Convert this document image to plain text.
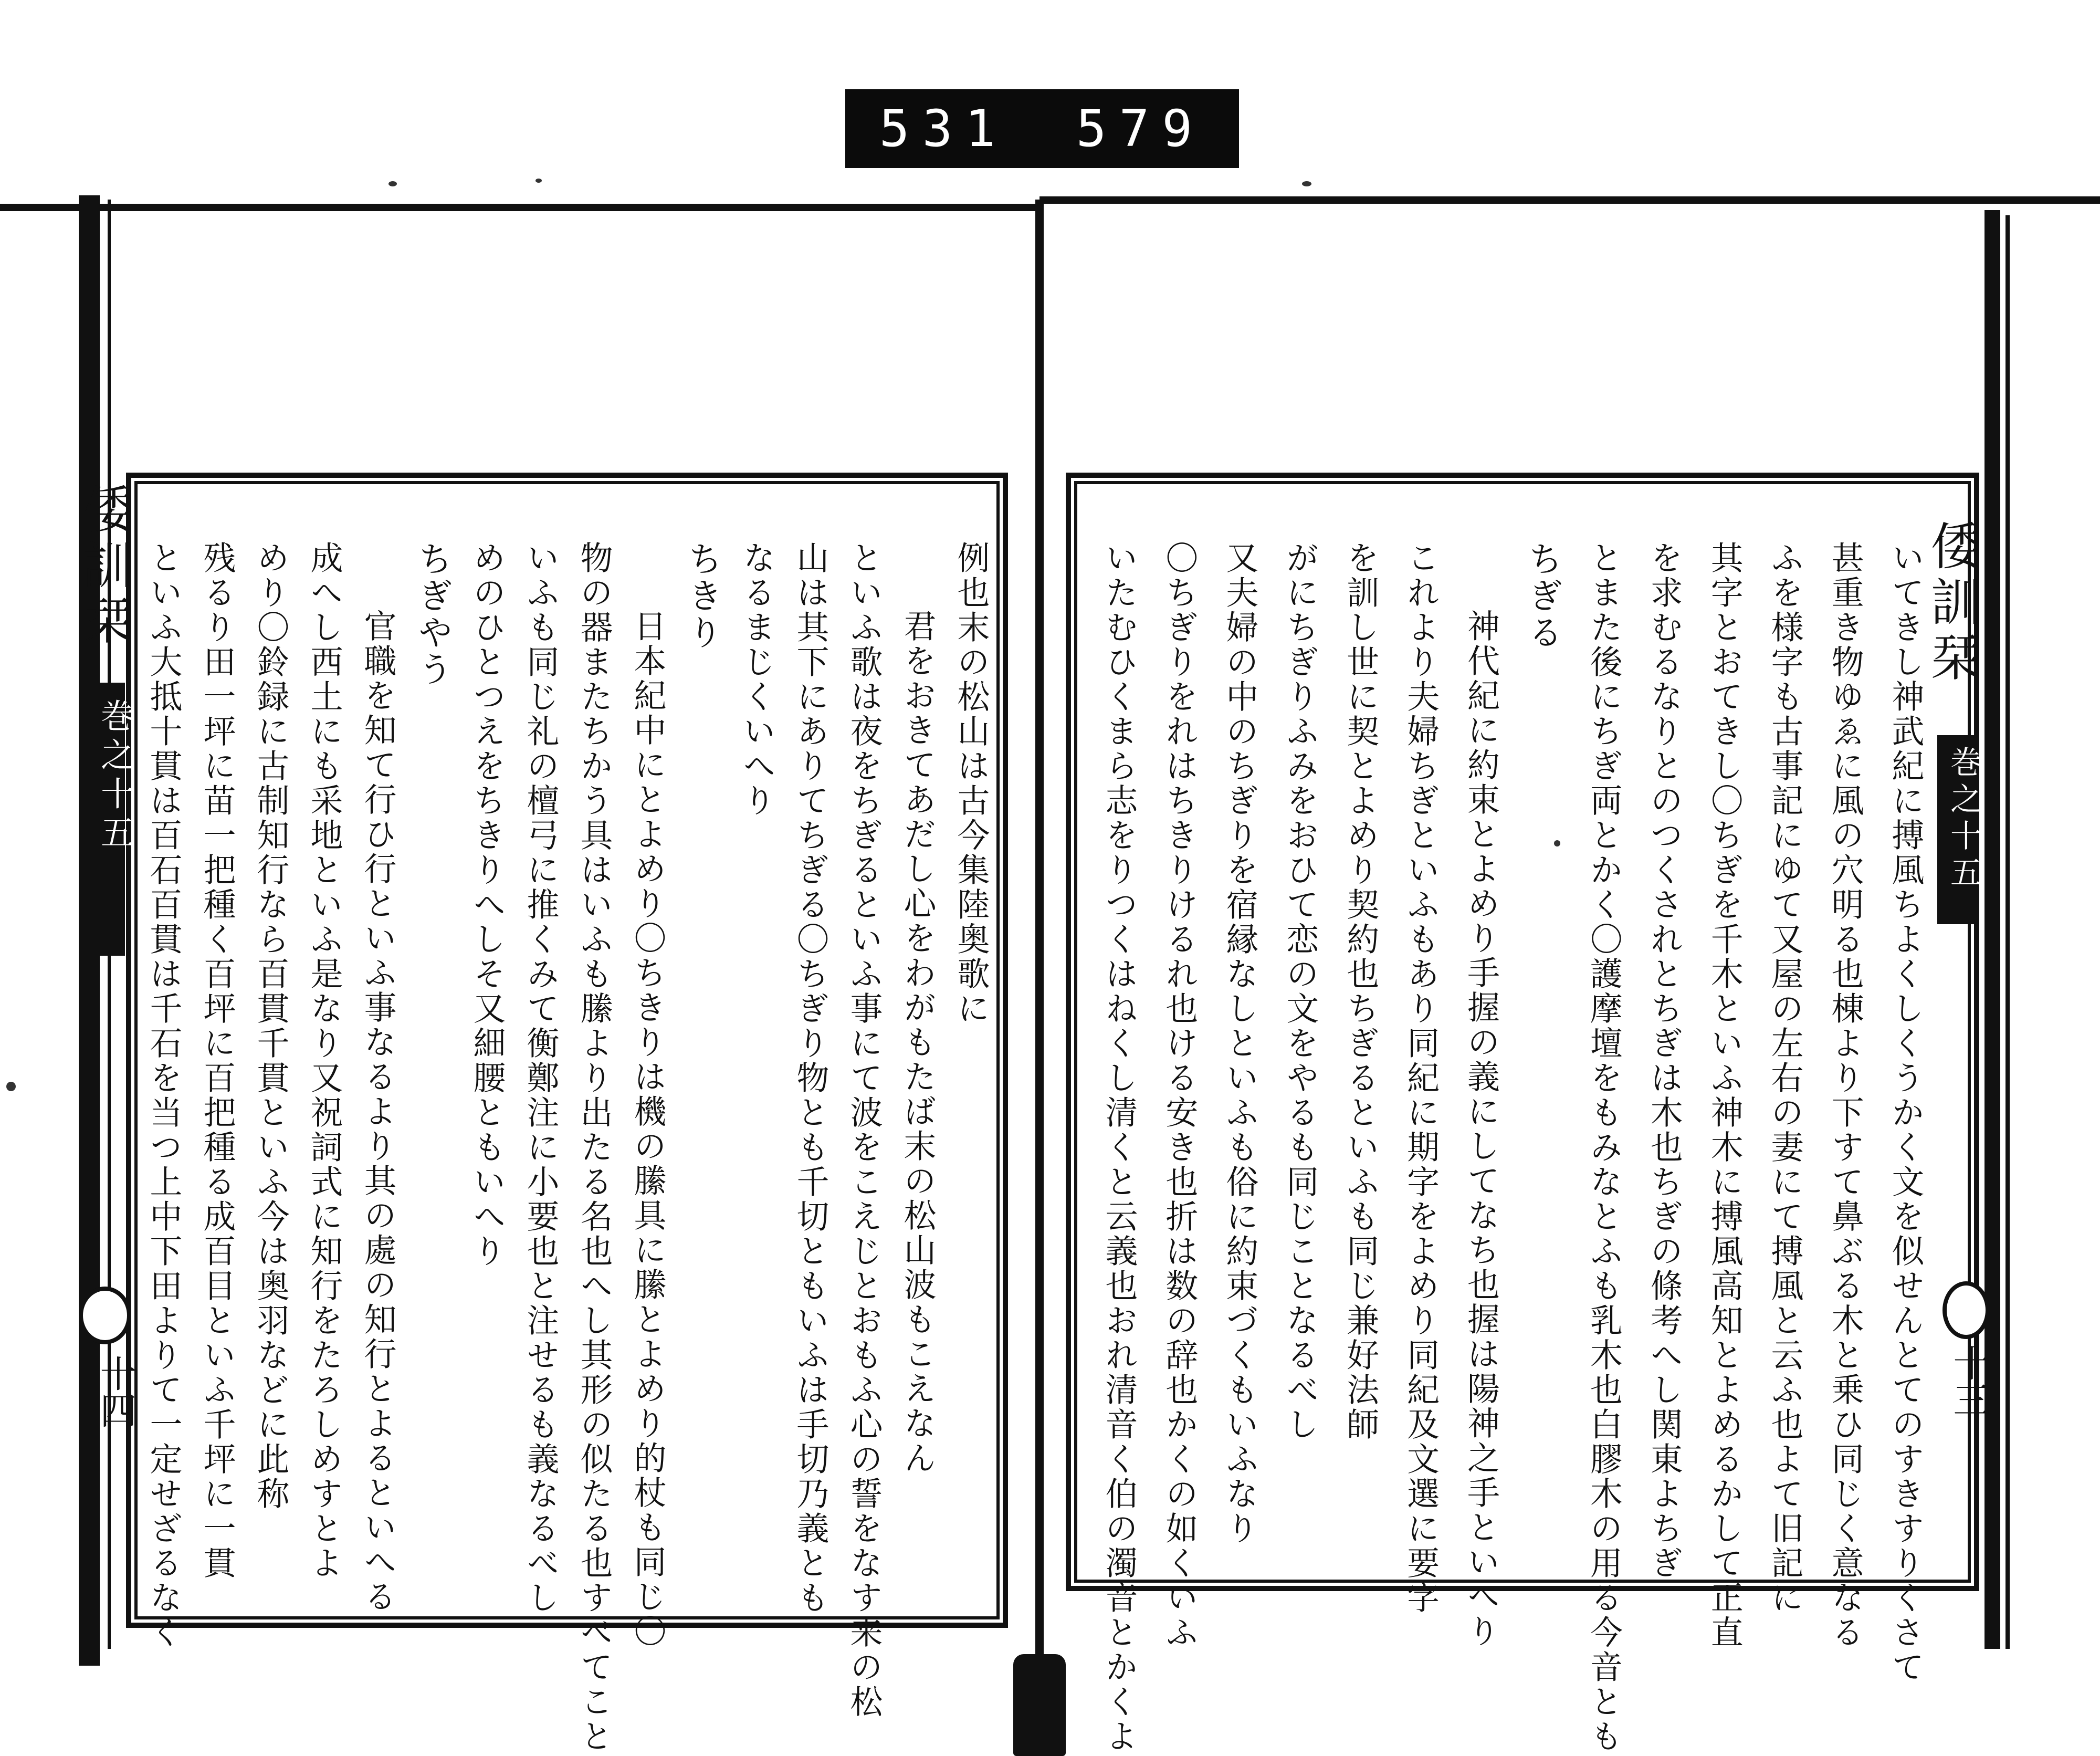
531 579
例也末の松山は古今集陸奥歌に
君をおきてあだし心をわがもたば末の松山波もこえなん
といふ歌は夜をちぎるといふ事にて波をこえじとおもふ心の誓をなす来の松
山は其下にありてちぎる〇ちぎり物とも千切ともいふは手切乃義とも
なるまじくいへり
ちきり
日本紀中にとよめり〇ちきりは機の縢具に縢とよめり的杖も同じ〇
物の器またちかう具はいふも縢より出たる名也へし其形の似たる也すべてこと
いふも同じ礼の檀弓に推くみて衡鄭注に小要也と注せるも義なるべし
めのひとつえをちきりへしそ又細腰ともいへり
ちぎやう
官職を知て行ひ行といふ事なるより其の處の知行とよるといへる
成へし西土にも采地といふ是なり又祝詞式に知行をたろしめすとよ
めり〇鈴録に古制知行なら百貫千貫といふ今は奥羽などに此称
残るり田一坪に苗一把種く百坪に百把種る成百目といふ千坪に一貫
といふ大抵十貫は百石百貫は千石を当つ上中下田よりて一定せざるなく
倭訓栞
巻之十五
十四	いてきし神武紀に搏風ちよくしくうかく文を似せんとてのすきすりくさて
甚重き物ゆゑに風の穴明る也棟より下すて鼻ぶる木と乗ひ同じく意なる
ふを様字も古事記にゆて又屋の左右の妻にて搏風と云ふ也よて旧記に
其字とおてきし〇ちぎを千木といふ神木に搏風高知とよめるかして正直
を求むるなりとのつくされとちぎは木也ちぎの條考へし関東よちぎ
とまた後にちぎ両とかく〇護摩壇をもみなとふも乳木也白膠木の用る今音とも
ちぎる
神代紀に約束とよめり手握の義にしてなち也握は陽神之手といへり
これより夫婦ちぎといふもあり同紀に期字をよめり同紀及文選に要字
を訓し世に契とよめり契約也ちぎるといふも同じ兼好法師
がにちぎりふみをおひて恋の文をやるも同じことなるべし
又夫婦の中のちぎりを宿縁なしといふも俗に約束づくもいふなり
〇ちぎりをれはちきりけるれ也ける安き也折は数の辞也かくの如くいふ
いたむひくまら志をりつくはねくし清くと云義也おれ清音く伯の濁音とかくよ	倭訓栞
巻之十五
十三
